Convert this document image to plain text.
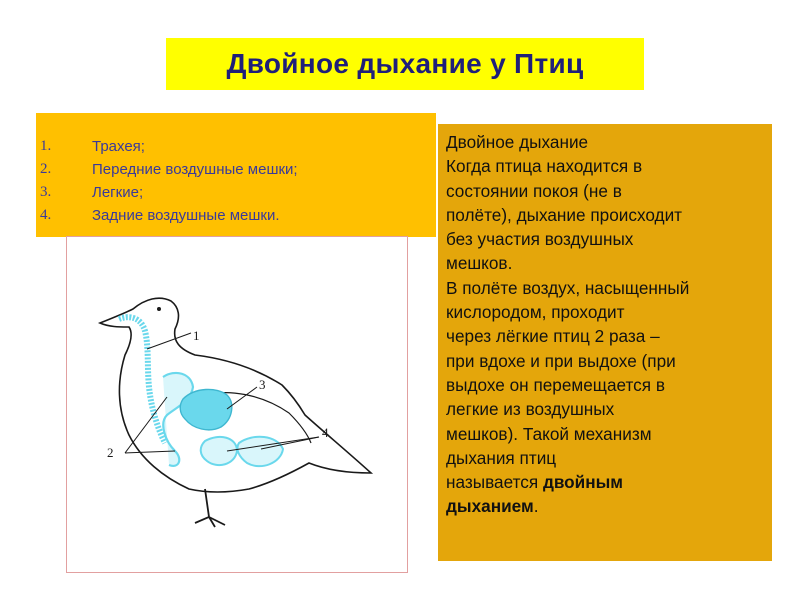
Двойное дыхание у Птиц
1.	Трахея;
2.	Передние воздушные мешки;
3.	Легкие;
4.	Задние воздушные мешки.
1
2
3
4

Двойное дыхание

Когда птица находится в

состоянии покоя (не в

полёте), дыхание происходит

без участия воздушных

мешков.

В полёте воздух, насыщенный

кислородом, проходит

через лёгкие птиц 2 раза –

при вдохе и при выдохе (при

выдохе он перемещается в

легкие из воздушных

мешков). Такой механизм

дыхания птиц

называется двойным

дыханием.
